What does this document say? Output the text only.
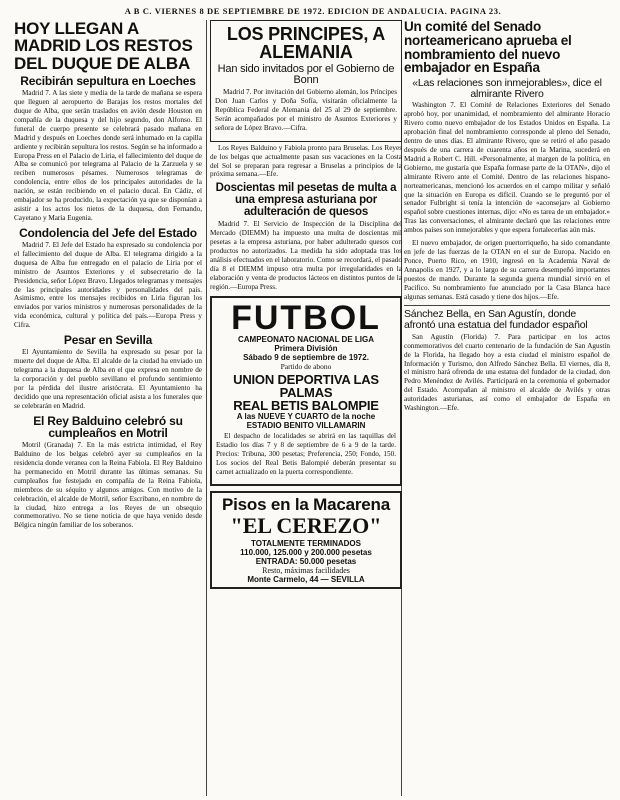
A B C. VIERNES 8 DE SEPTIEMBRE DE 1972. EDICION DE ANDALUCIA. PAGINA 23.
HOY LLEGAN A MADRID LOS RESTOS DEL DUQUE DE ALBA
Recibirán sepultura en Loeches

Madrid 7. A las siete y media de la tarde de mañana se espera que lleguen al aeropuerto de Barajas los restos mortales del duque de Alba, que serán traslados en avión desde Houston en compañía de la duquesa y del hijo segundo, don Alfonso. El funeral de cuerpo presente se celebrará pasado mañana en Madrid y después en Loeches donde será inhumado en la capilla ardiente y recibirán sepultura los restos. Según se ha informado a Europa Press en el Palacio de Liria, el fallecimiento del duque de Alba se comunicó por telegrama al Palacio de la Zarzuela y se reciben numerosos pésames. Numerosos telegramas de condolencia, entre ellos de los principales autoridades de la nación, se están recibiendo en el palacio ducal. En Cádiz, el embajador se ha producido, la expectación ya que se disponían a asistir a los actos los nietos de la duquesa, don Fernando, Cayetano y María Eugenia.

Condolencia del Jefe del Estado

Madrid 7. El Jefe del Estado ha expresado su condolencia por el fallecimiento del duque de Alba. El telegrama dirigido a la duquesa de Alba fue entregado en el palacio de Liria por el ministro de Asuntos Exteriores y el subsecretario de la Presidencia, señor López Bravo. Llegados telegramas y mensajes de las principales autoridades y personalidades del país. Asimismo, entre los mensajes recibidos en Liria figuran los enviados por varios ministros y numerosas personalidades de la vida económica, cultural y política del país.—Europa Press y Cifra.

Pesar en Sevilla

El Ayuntamiento de Sevilla ha expresado su pesar por la muerte del duque de Alba. El alcalde de la ciudad ha enviado un telegrama a la duquesa de Alba en el que expresa en nombre de la corporación y del pueblo sevillano el profundo sentimiento por la pérdida del ilustre aristócrata. El Ayuntamiento ha decidido que una representación oficial asista a los funerales que se celebrarán en Madrid.

El Rey Balduino celebró su cumpleaños en Motril

Motril (Granada) 7. En la más estricta intimidad, el Rey Balduino de los belgas celebró ayer su cumpleaños en la residencia donde veranea con la Reina Fabiola. El Rey Balduino ha permanecido en Motril durante las últimas semanas. Su cumpleaños fue festejado en compañía de la Reina Fabiola, miembros de su séquito y algunos amigos. Con motivo de la celebración, el alcalde de Motril, señor Escribano, en nombre de la ciudad, hizo entrega a los Reyes de un obsequio conmemorativo. No se tiene noticia de que haya venido desde Bélgica ningún familiar de los soberanos.

LOS PRINCIPES, A ALEMANIA
Han sido invitados por el Gobierno de Bonn

Madrid 7. Por invitación del Gobierno alemán, los Príncipes Don Juan Carlos y Doña Sofía, visitarán oficialmente la República Federal de Alemania del 25 al 29 de septiembre. Serán acompañados por el ministro de Asuntos Exteriores y señora de López Bravo.—Cifra.

Los Reyes Balduino y Fabiola pronto para Bruselas. Los Reyes de los belgas que actualmente pasan sus vacaciones en la Costa del Sol se preparan para regresar a Bruselas a principios de la próxima semana.—Efe.

Doscientas mil pesetas de multa a una empresa asturiana por adulteración de quesos

Madrid 7. El Servicio de Inspección de la Disciplina del Mercado (DIEMM) ha impuesto una multa de doscientas mil pesetas a la empresa asturiana, por haber adulterado quesos con productos no autorizados. La medida ha sido adoptada tras los análisis efectuados en el laboratorio. Como se recordará, el pasado día 8 el DIEMM impuso otra multa por irregularidades en la elaboración y venta de productos lácteos en distintos puntos de la región.—Europa Press.

FUTBOL
CAMPEONATO NACIONAL DE LIGA
Primera División
Sábado 9 de septiembre de 1972.
Partido de abono
UNION DEPORTIVA LAS PALMAS
REAL BETIS BALOMPIE
A las NUEVE Y CUARTO de la noche
ESTADIO BENITO VILLAMARIN

El despacho de localidades se abrirá en las taquillas del Estadio los días 7 y 8 de septiembre de 6 a 9 de la tarde. Precios: Tribuna, 300 pesetas; Preferencia, 250; Fondo, 150. Los socios del Real Betis Balompié deberán presentar su carnet actualizado en la puerta correspondiente.

Pisos en la Macarena
"EL CEREZO"
TOTALMENTE TERMINADOS
110.000, 125.000 y 200.000 pesetas
ENTRADA: 50.000 pesetas
Resto, máximas facilidades
Monte Carmelo, 44 — SEVILLA
Un comité del Senado norteamericano aprueba el nombramiento del nuevo embajador en España
«Las relaciones son inmejorables», dice el almirante Rivero

Washington 7. El Comité de Relaciones Exteriores del Senado aprobó hoy, por unanimidad, el nombramiento del almirante Horacio Rivero como nuevo embajador de los Estados Unidos en España. La aprobación final del nombramiento corresponde al pleno del Senado, dentro de unos días. El almirante Rivero, que se retiró el año pasado después de una carrera de cuarenta años en la Marina, sucederá en Madrid a Robert C. Hill. «Personalmente, al margen de la política, en Gobierno, me gustaría que España formase parte de la OTAN», dijo el almirante Rivero ante el Comité. Dentro de las relaciones hispano-norteamericanas, mencionó los acuerdos en el campo militar y señaló que la situación en Europa es difícil. Cuando se le preguntó por el senador Fulbright si tenía la intención de «aconsejar» al Gobierno español sobre cuestiones internas, dijo: «No es tarea de un embajador.» Tras las conversaciones, el almirante declaró que las relaciones entre ambos países son inmejorables y que espera fortalecerlas aún más.

El nuevo embajador, de origen puertorriqueño, ha sido comandante en jefe de las fuerzas de la OTAN en el sur de Europa. Nacido en Ponce, Puerto Rico, en 1910, ingresó en la Academia Naval de Annapolis en 1927, y a lo largo de su carrera desempeñó importantes puestos de mando. Durante la segunda guerra mundial sirvió en el Pacífico. Su nombramiento fue anunciado por la Casa Blanca hace algunas semanas. Está casado y tiene dos hijos.—Efe.

Sánchez Bella, en San Agustín, donde afrontó una estatua del fundador español

San Agustín (Florida) 7. Para participar en los actos conmemorativos del cuarto centenario de la fundación de San Agustín de la Florida, ha llegado hoy a esta ciudad el ministro español de Información y Turismo, don Alfredo Sánchez Bella. El viernes, día 8, el ministro hará ofrenda de una estatua del fundador de la ciudad, don Pedro Menéndez de Avilés. Participará en la ceremonia el gobernador del Estado. Acompañan al ministro el alcalde de Avilés y otras autoridades asturianas, así como el embajador de España en Washington.—Efe.
